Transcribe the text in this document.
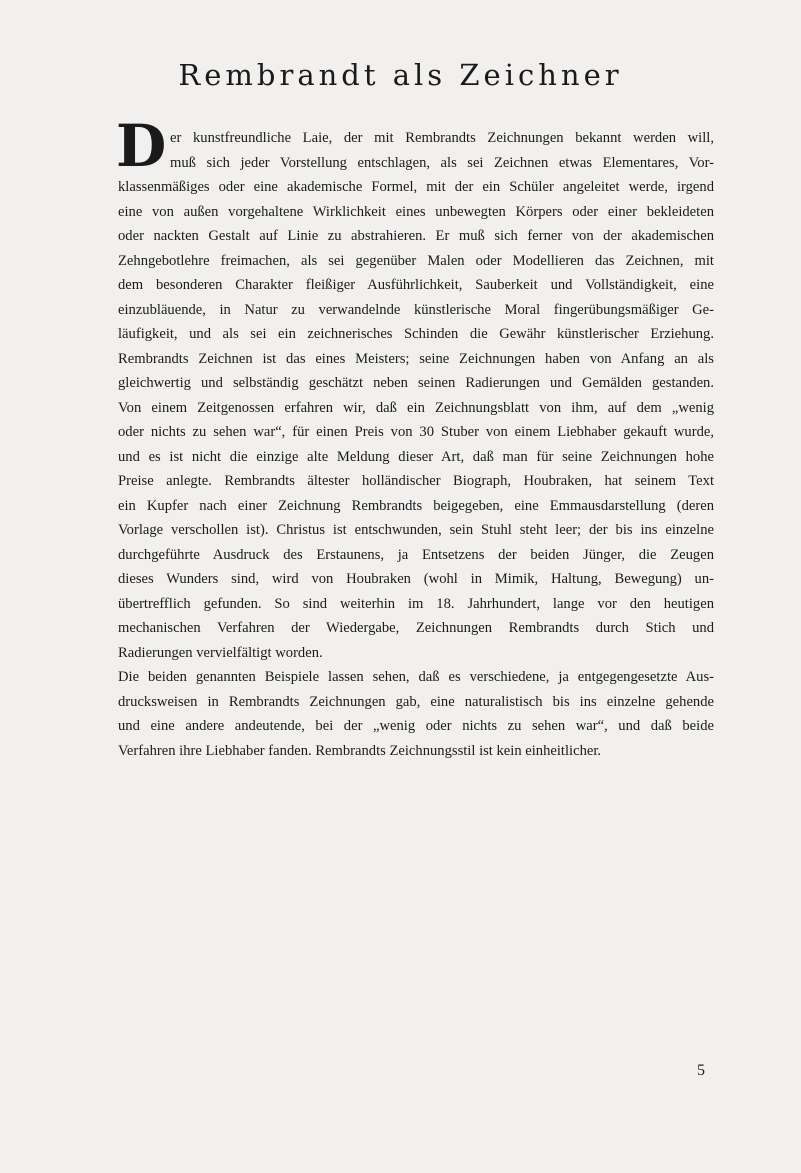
Rembrandt als Zeichner
D er kunstfreundliche Laie, der mit Rembrandts Zeichnungen bekannt werden will,
muß sich jeder Vorstellung entschlagen, als sei Zeichnen etwas Elementares, Vor-
klassenmäßiges oder eine akademische Formel, mit der ein Schüler angeleitet werde, irgend
eine von außen vorgehaltene Wirklichkeit eines unbewegten Körpers oder einer bekleideten
oder nackten Gestalt auf Linie zu abstrahieren. Er muß sich ferner von der akademischen
Zehngebotlehre freimachen, als sei gegenüber Malen oder Modellieren das Zeichnen, mit
dem besonderen Charakter fleißiger Ausführlichkeit, Sauberkeit und Vollständigkeit, eine
einzubläuende, in Natur zu verwandelnde künstlerische Moral fingerübungsmäßiger Ge-
läufigkeit, und als sei ein zeichnerisches Schinden die Gewähr künstlerischer Erziehung.
Rembrandts Zeichnen ist das eines Meisters; seine Zeichnungen haben von Anfang an als
gleichwertig und selbständig geschätzt neben seinen Radierungen und Gemälden gestanden.
Von einem Zeitgenossen erfahren wir, daß ein Zeichnungsblatt von ihm, auf dem „wenig
oder nichts zu sehen war“, für einen Preis von 30 Stuber von einem Liebhaber gekauft wurde,
und es ist nicht die einzige alte Meldung dieser Art, daß man für seine Zeichnungen hohe
Preise anlegte. Rembrandts ältester holländischer Biograph, Houbraken, hat seinem Text
ein Kupfer nach einer Zeichnung Rembrandts beigegeben, eine Emmausdarstellung (deren
Vorlage verschollen ist). Christus ist entschwunden, sein Stuhl steht leer; der bis ins einzelne
durchgeführte Ausdruck des Erstaunens, ja Entsetzens der beiden Jünger, die Zeugen
dieses Wunders sind, wird von Houbraken (wohl in Mimik, Haltung, Bewegung) un-
übertrefflich gefunden. So sind weiterhin im 18. Jahrhundert, lange vor den heutigen
mechanischen Verfahren der Wiedergabe, Zeichnungen Rembrandts durch Stich und
Radierungen vervielfältigt worden.
Die beiden genannten Beispiele lassen sehen, daß es verschiedene, ja entgegengesetzte Aus-
drucksweisen in Rembrandts Zeichnungen gab, eine naturalistisch bis ins einzelne gehende
und eine andere andeutende, bei der „wenig oder nichts zu sehen war“, und daß beide
Verfahren ihre Liebhaber fanden. Rembrandts Zeichnungsstil ist kein einheitlicher.
5
